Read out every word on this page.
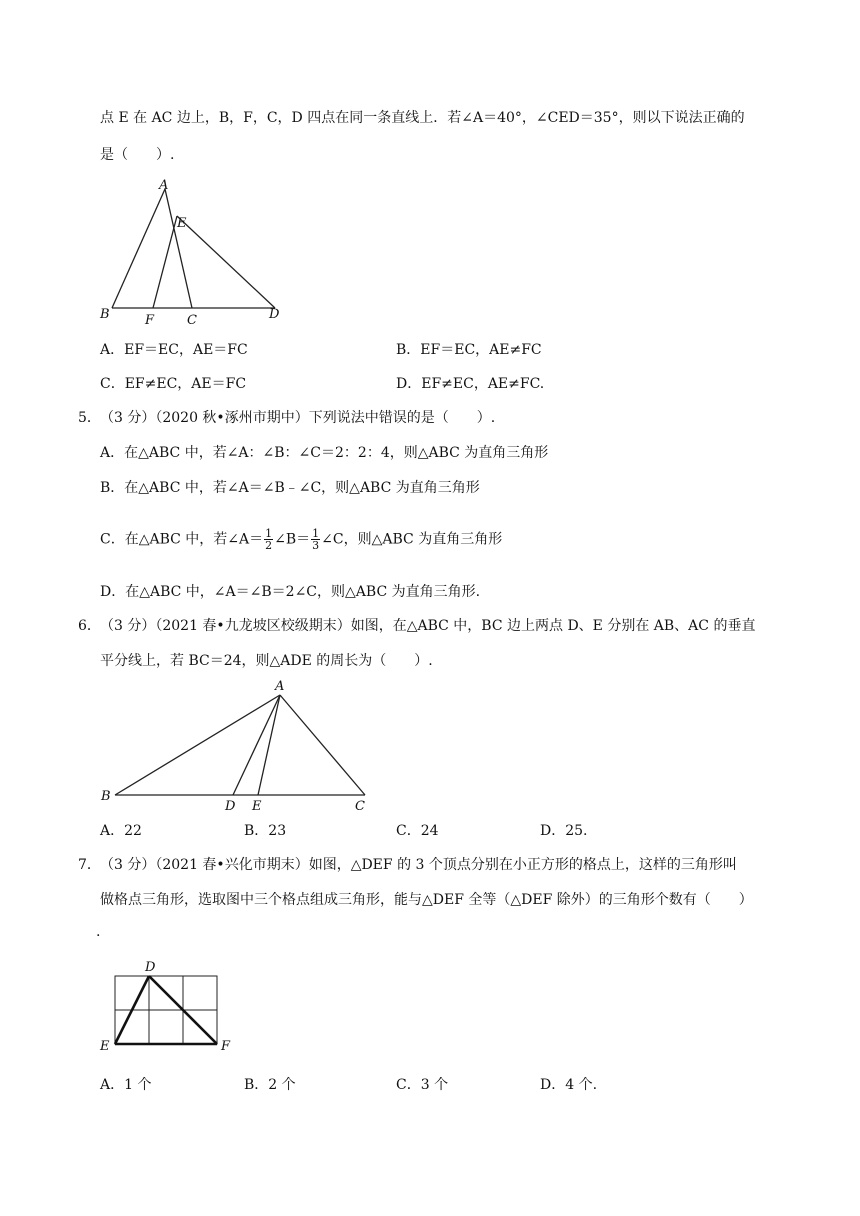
点 E 在 AC 边上，B，F，C，D 四点在同一条直线上．若∠A＝40°，∠CED＝35°，则以下说法正确的
是（　　）.
A
E
B	F	C	D
A．EF＝EC，AE＝FC	B．EF＝EC，AE≠FC
C．EF≠EC，AE＝FC	D．EF≠EC，AE≠FC.
5． （3 分）（2020 秋•涿州市期中）下列说法中错误的是（　　）.
A．在△ABC 中，若∠A：∠B：∠C＝2：2：4，则△ABC 为直角三角形
B．在△ABC 中，若∠A＝∠B﹣∠C，则△ABC 为直角三角形
C．在△ABC 中，若∠A＝ $\frac{1}{2}$ ∠B＝ $\frac{1}{3}$ ∠C，则△ABC 为直角三角形
D．在△ABC 中，∠A＝∠B＝2∠C，则△ABC 为直角三角形.
6． （3 分）（2021 春•九龙坡区校级期末）如图，在△ABC 中，BC 边上两点 D、E 分别在 AB、AC 的垂直
平分线上，若 BC＝24，则△ADE 的周长为（　　）.
A
B
D E	C
A．22	B．23	C．24	D．25.
7． （3 分）（2021 春•兴化市期末）如图，△DEF 的 3 个顶点分别在小正方形的格点上，这样的三角形叫
做格点三角形，选取图中三个格点组成三角形，能与△DEF 全等（△DEF 除外）的三角形个数有（　　）
.
D
E	F
A．1 个	B．2 个	C．3 个	D．4 个.
